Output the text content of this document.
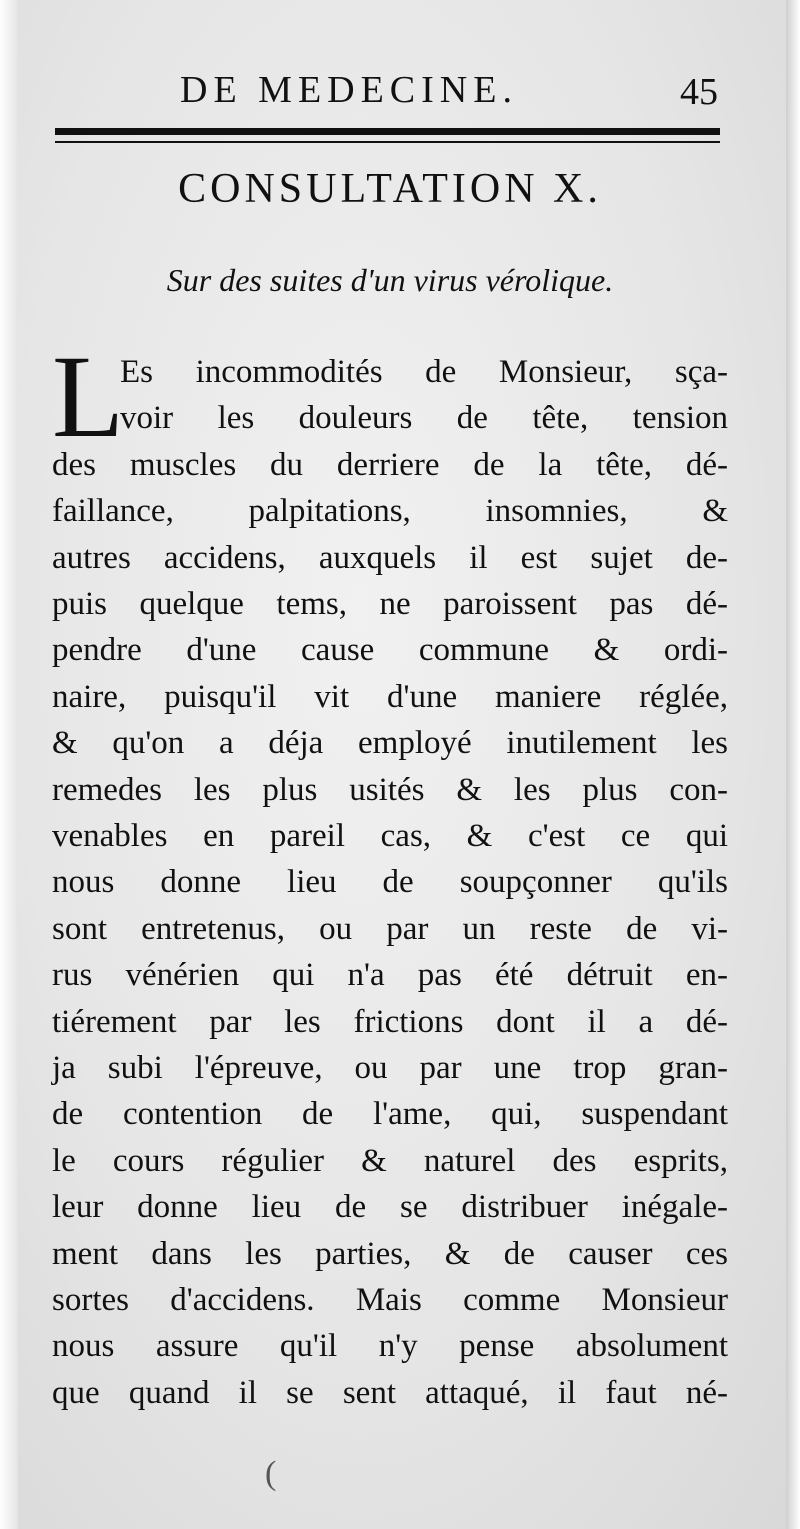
DE MEDECINE.	45
CONSULTATION X.
Sur des suites d'un virus vérolique.
L
Es incommodités de Monsieur, sça-
voir les douleurs de tête, tension
des muscles du derriere de la tête, dé-
faillance, palpitations, insomnies, &
autres accidens, auxquels il est sujet de-
puis quelque tems, ne paroissent pas dé-
pendre d'une cause commune & ordi-
naire, puisqu'il vit d'une maniere réglée,
& qu'on a déja employé inutilement les
remedes les plus usités & les plus con-
venables en pareil cas, & c'est ce qui
nous donne lieu de soupçonner qu'ils
sont entretenus, ou par un reste de vi-
rus vénérien qui n'a pas été détruit en-
tiérement par les frictions dont il a dé-
ja subi l'épreuve, ou par une trop gran-
de contention de l'ame, qui, suspendant
le cours régulier & naturel des esprits,
leur donne lieu de se distribuer inégale-
ment dans les parties, & de causer ces
sortes d'accidens. Mais comme Monsieur
nous assure qu'il n'y pense absolument
que quand il se sent attaqué, il faut né-
(
